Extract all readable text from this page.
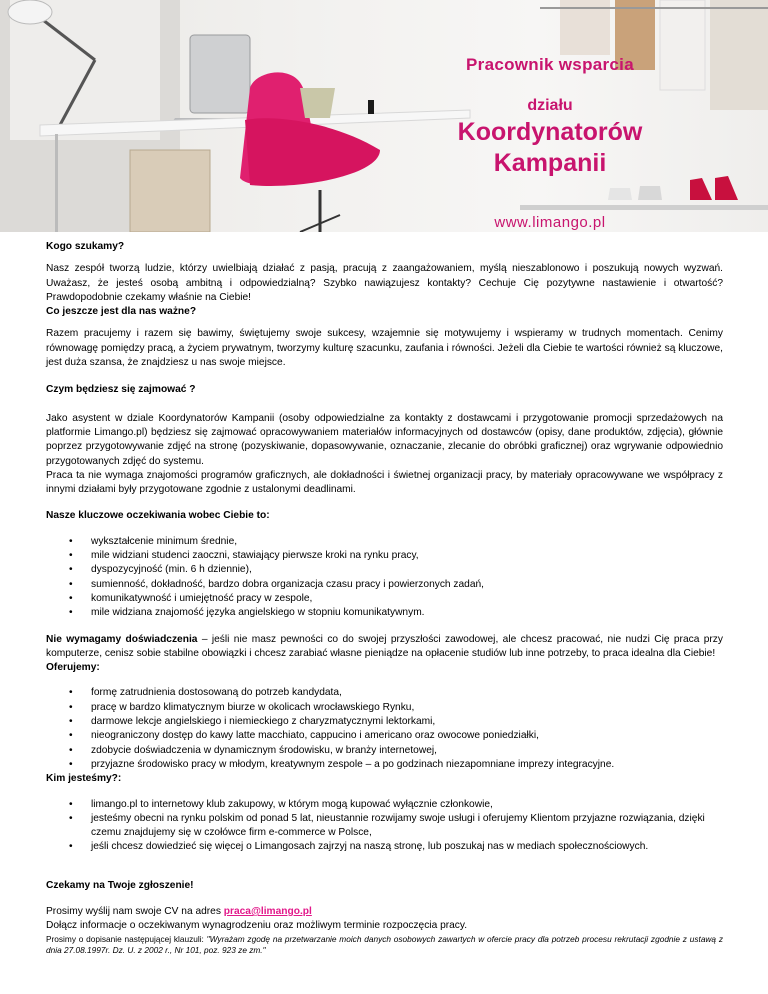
Pracownik wsparcia
działu
Koordynatorów
Kampanii
www.limango.pl

Kogo szukamy?

Nasz zespół tworzą ludzie, którzy uwielbiają działać z pasją, pracują z zaangażowaniem, myślą nieszablonowo i poszukują nowych wyzwań. Uważasz, że jesteś osobą ambitną i odpowiedzialną? Szybko nawiązujesz kontakty? Cechuje Cię pozytywne nastawienie i otwartość? Prawdopodobnie czekamy właśnie na Ciebie!

Co jeszcze jest dla nas ważne?

Razem pracujemy i razem się bawimy, świętujemy swoje sukcesy, wzajemnie się motywujemy i wspieramy w trudnych momentach. Cenimy równowagę pomiędzy pracą, a życiem prywatnym, tworzymy kulturę szacunku, zaufania i równości. Jeżeli dla Ciebie te wartości również są kluczowe, jest duża szansa, że znajdziesz u nas swoje miejsce.

Czym będziesz się zajmować ?

Jako asystent w dziale Koordynatorów Kampanii (osoby odpowiedzialne za kontakty z dostawcami i przygotowanie promocji sprzedażowych na platformie Limango.pl) będziesz się zajmować opracowywaniem materiałów informacyjnych od dostawców (opisy, dane produktów, zdjęcia), głównie poprzez przygotowywanie zdjęć na stronę (pozyskiwanie, dopasowywanie, oznaczanie, zlecanie do obróbki graficznej) oraz wgrywanie odpowiednio przygotowanych zdjęć do systemu.

Praca ta nie wymaga znajomości programów graficznych, ale dokładności i świetnej organizacji pracy, by materiały opracowywane we współpracy z innymi działami były przygotowane zgodnie z ustalonymi deadlinami.

Nasze kluczowe oczekiwania wobec Ciebie to:

• wykształcenie minimum średnie,
• mile widziani studenci zaoczni, stawiający pierwsze kroki na rynku pracy,
• dyspozycyjność (min. 6 h dziennie),
• sumienność, dokładność, bardzo dobra organizacja czasu pracy i powierzonych zadań,
• komunikatywność i umiejętność pracy w zespole,
• mile widziana znajomość języka angielskiego w stopniu komunikatywnym.

Nie wymagamy doświadczenia – jeśli nie masz pewności co do swojej przyszłości zawodowej, ale chcesz pracować, nie nudzi Cię praca przy komputerze, cenisz sobie stabilne obowiązki i chcesz zarabiać własne pieniądze na opłacenie studiów lub inne potrzeby, to praca idealna dla Ciebie!

Oferujemy:

• formę zatrudnienia dostosowaną do potrzeb kandydata,
• pracę w bardzo klimatycznym biurze w okolicach wrocławskiego Rynku,
• darmowe lekcje angielskiego i niemieckiego z charyzmatycznymi lektorkami,
• nieograniczony dostęp do kawy latte macchiato, cappucino i americano oraz owocowe poniedziałki,
• zdobycie doświadczenia w dynamicznym środowisku, w branży internetowej,
• przyjazne środowisko pracy w młodym, kreatywnym zespole – a po godzinach niezapomniane imprezy integracyjne.

Kim jesteśmy?:

• limango.pl to internetowy klub zakupowy, w którym mogą kupować wyłącznie członkowie,
• jesteśmy obecni na rynku polskim od ponad 5 lat, nieustannie rozwijamy swoje usługi i oferujemy Klientom przyjazne rozwiązania, dzięki czemu znajdujemy się w czołówce firm e-commerce w Polsce,
• jeśli chcesz dowiedzieć się więcej o Limangosach zajrzyj na naszą stronę, lub poszukaj nas w mediach społecznościowych.

Czekamy na Twoje zgłoszenie!

Prosimy wyślij nam swoje CV na adres praca@limango.pl

Dołącz informacje o oczekiwanym wynagrodzeniu oraz możliwym terminie rozpoczęcia pracy.

Prosimy o dopisanie następującej klauzuli: "Wyrażam zgodę na przetwarzanie moich danych osobowych zawartych w ofercie pracy dla potrzeb procesu rekrutacji zgodnie z ustawą z dnia 27.08.1997r. Dz. U. z 2002 r., Nr 101, poz. 923 ze zm."
